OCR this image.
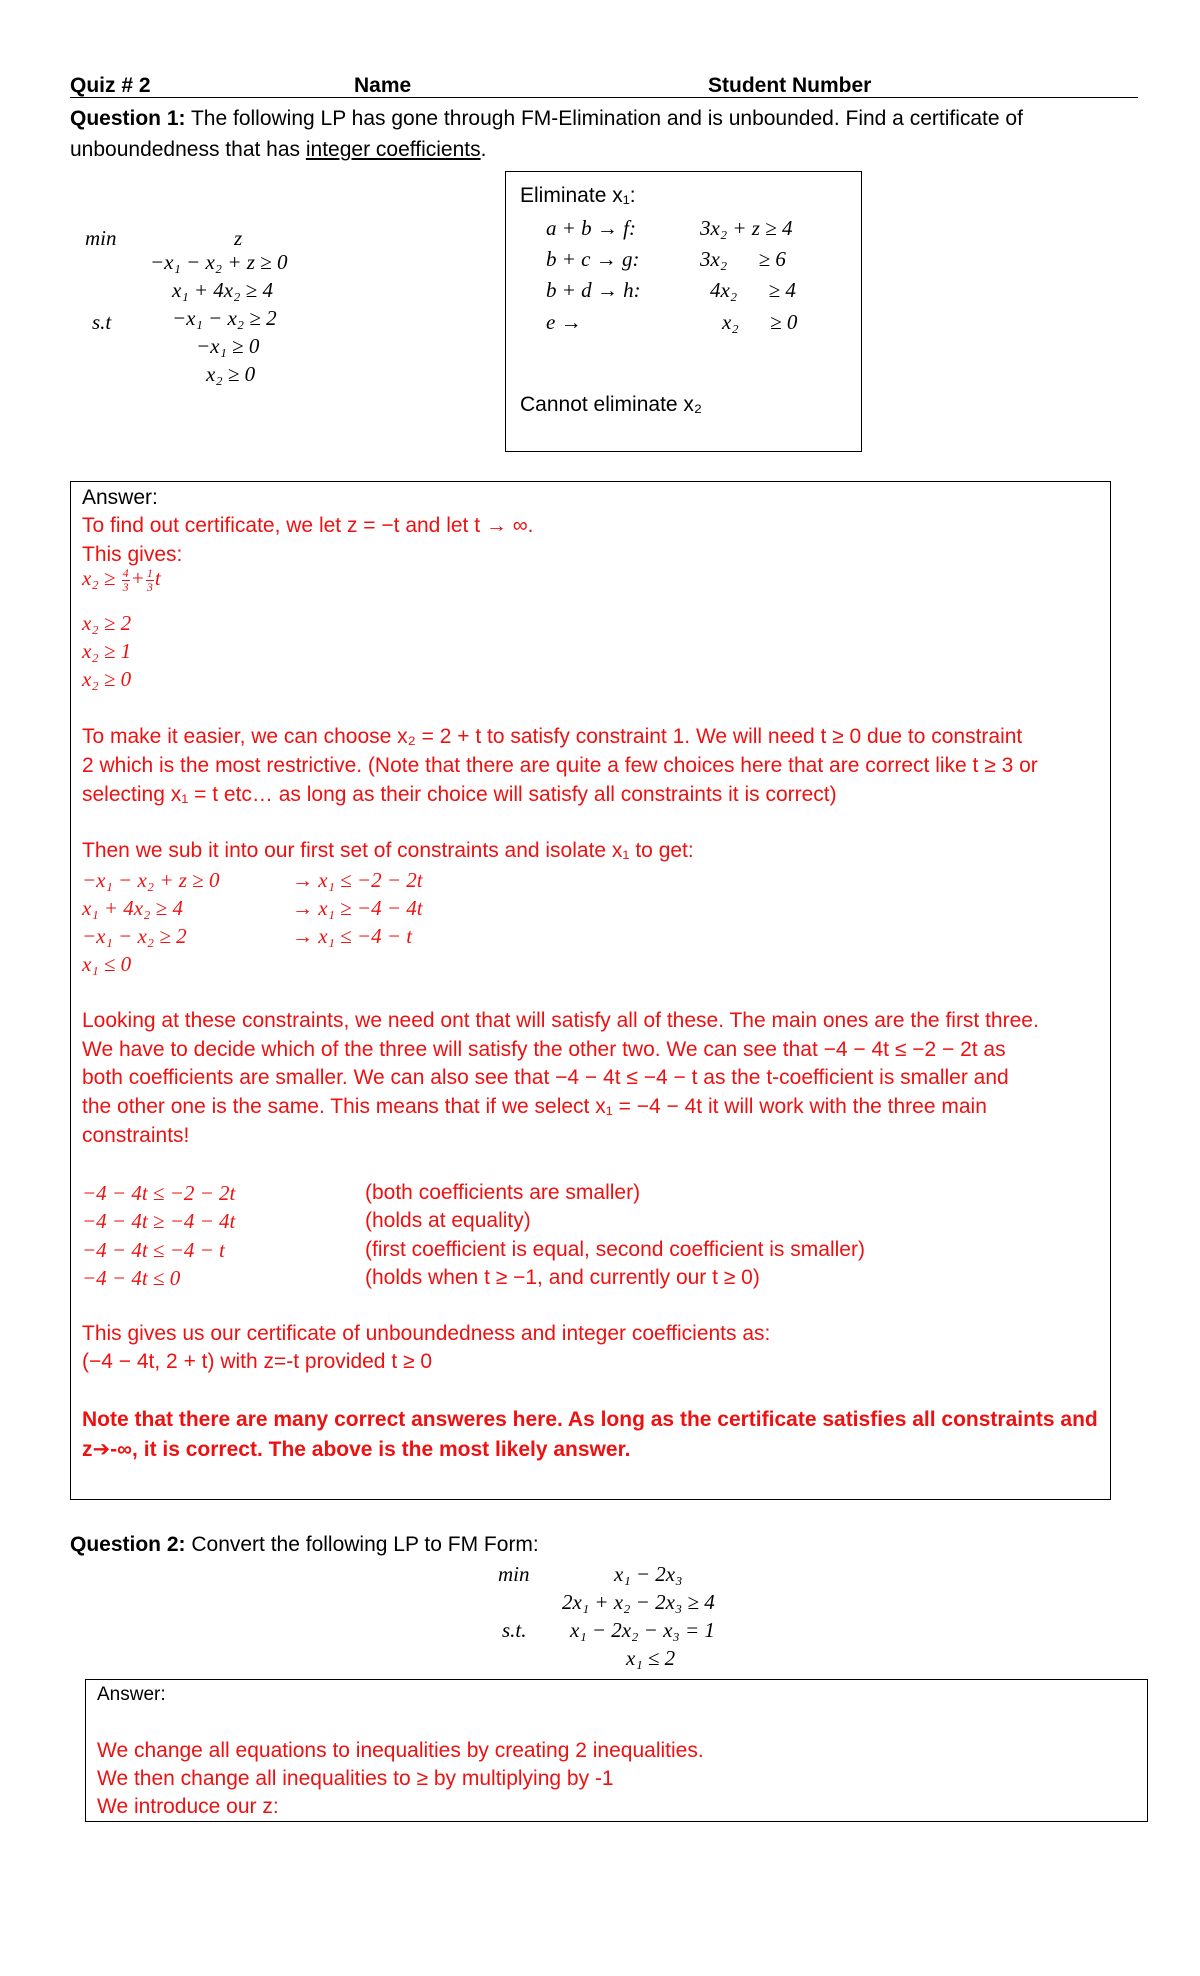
Quiz # 2	Name	Student Number
Question 1: The following LP has gone through FM-Elimination and is unbounded. Find a certificate of
unboundedness that has integer coefficients.
min	z
s.t
−x₁ − x₂ + z ≥ 0
x₁ + 4x₂ ≥ 4
−x₁ − x₂ ≥ 2
−x₁ ≥ 0
x₂ ≥ 0
Eliminate x₁:
a + b → f:	3x₂ + z ≥ 4
b + c → g:	3x₂      ≥ 6
b + d → h:	4x₂      ≥ 4
e →	x₂      ≥ 0
Cannot eliminate x₂
Answer:
To find out certificate, we let z = −t and let t → ∞.
This gives:
$x_2 \ge \frac{4}{3} + \frac{1}{3}$ t
x₂ ≥ 2
x₂ ≥ 1
x₂ ≥ 0
To make it easier, we can choose x₂ = 2 + t to satisfy constraint 1. We will need t ≥ 0 due to constraint
2 which is the most restrictive. (Note that there are quite a few choices here that are correct like t ≥ 3 or
selecting x₁ = t etc… as long as their choice will satisfy all constraints it is correct)
Then we sub it into our first set of constraints and isolate x₁ to get:
−x₁ − x₂ + z ≥ 0	→ x₁ ≤ −2 − 2t
x₁ + 4x₂ ≥ 4	→ x₁ ≥ −4 − 4t
−x₁ − x₂ ≥ 2	→ x₁ ≤ −4 − t
x₁ ≤ 0
Looking at these constraints, we need ont that will satisfy all of these. The main ones are the first three.
We have to decide which of the three will satisfy the other two. We can see that −4 − 4t ≤ −2 − 2t as
both coefficients are smaller. We can also see that −4 − 4t ≤ −4 − t as the t-coefficient is smaller and
the other one is the same. This means that if we select x₁ = −4 − 4t it will work with the three main
constraints!
−4 − 4t ≤ −2 − 2t	(both coefficients are smaller)
−4 − 4t ≥ −4 − 4t	(holds at equality)
−4 − 4t ≤ −4 − t	(first coefficient is equal, second coefficient is smaller)
−4 − 4t ≤ 0	(holds when t ≥ −1, and currently our t ≥ 0)
This gives us our certificate of unboundedness and integer coefficients as:
(−4 − 4t, 2 + t) with z=-t provided t ≥ 0
Note that there are many correct answeres here. As long as the certificate satisfies all constraints and
z➔-∞, it is correct. The above is the most likely answer.
Question 2: Convert the following LP to FM Form:
min	x₁ − 2x₃
2x₁ + x₂ − 2x₃ ≥ 4
s.t. x₁ − 2x₂ − x₃ = 1
x₁ ≤ 2
Answer:
We change all equations to inequalities by creating 2 inequalities.
We then change all inequalities to ≥ by multiplying by -1
We introduce our z:
